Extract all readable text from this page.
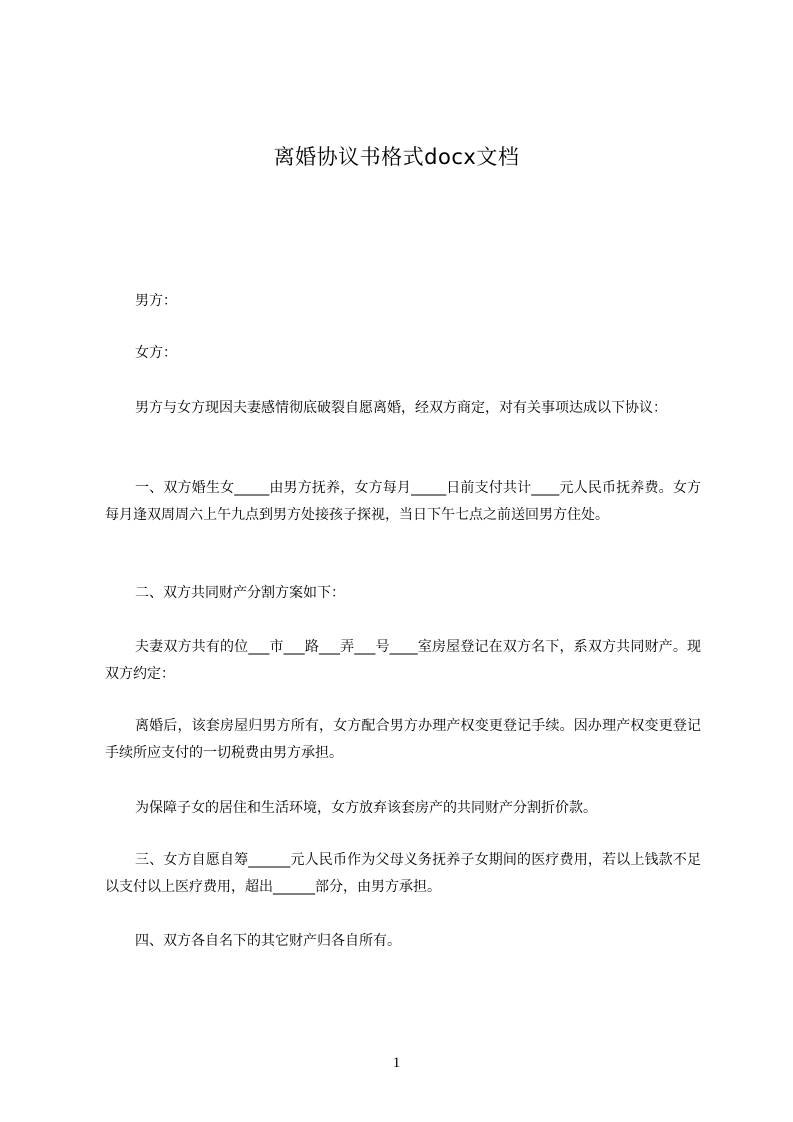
离婚协议书格式docx文档

男方：

女方：

男方与女方现因夫妻感情彻底破裂自愿离婚，经双方商定，对有关事项达成以下协议：

一、双方婚生女_____由男方抚养，女方每月_____日前支付共计____元人民币抚养费。女方每月逢双周周六上午九点到男方处接孩子探视，当日下午七点之前送回男方住处。

二、双方共同财产分割方案如下：

夫妻双方共有的位___市___路___弄___号____室房屋登记在双方名下，系双方共同财产。现双方约定：

离婚后，该套房屋归男方所有，女方配合男方办理产权变更登记手续。因办理产权变更登记手续所应支付的一切税费由男方承担。

为保障子女的居住和生活环境，女方放弃该套房产的共同财产分割折价款。

三、女方自愿自筹______元人民币作为父母义务抚养子女期间的医疗费用，若以上钱款不足以支付以上医疗费用，超出______部分，由男方承担。

四、双方各自名下的其它财产归各自所有。

1
